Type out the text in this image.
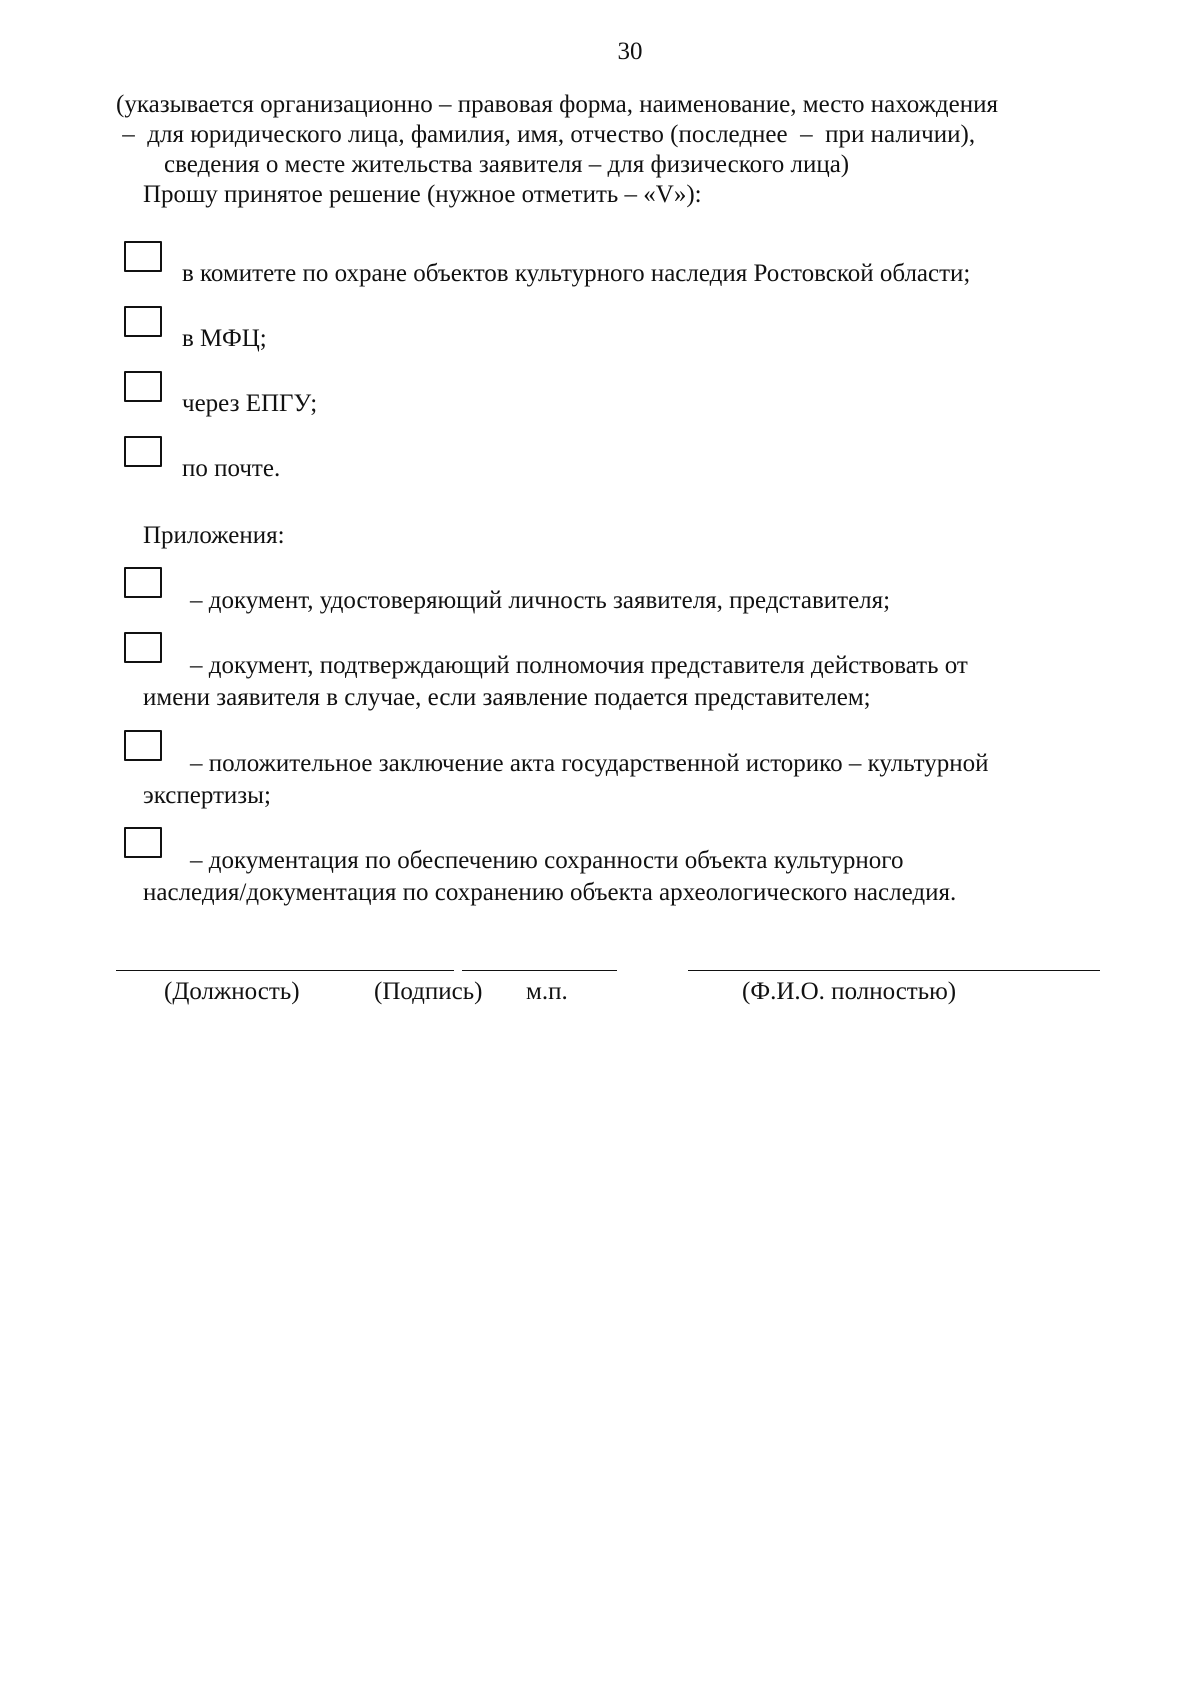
30
(указывается организационно – правовая форма, наименование, место нахождения
–  для юридического лица, фамилия, имя, отчество (последнее  –  при наличии),
сведения о месте жительства заявителя – для физического лица)
Прошу принятое решение (нужное отметить – «V»):
в комитете по охране объектов культурного наследия Ростовской области;
в МФЦ;
через ЕПГУ;
по почте.
Приложения:
– документ, удостоверяющий личность заявителя, представителя;
– документ, подтверждающий полномочия представителя действовать от
имени заявителя в случае, если заявление подается представителем;
– положительное заключение акта государственной историко – культурной
экспертизы;
– документация по обеспечению сохранности объекта культурного
наследия/документация по сохранению объекта археологического наследия.
(Должность)	(Подпись) м.п.	(Ф.И.О. полностью)
